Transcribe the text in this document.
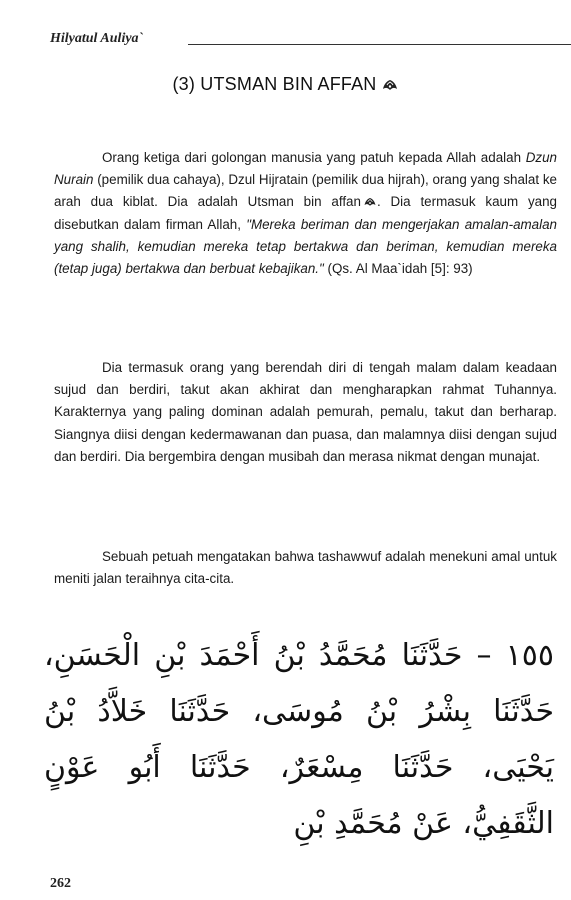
Hilyatul Auliya`
(3) UTSMAN BIN AFFAN

Orang ketiga dari golongan manusia yang patuh kepada Allah adalah Dzun Nurain (pemilik dua cahaya), Dzul Hijratain (pemilik dua hijrah), orang yang shalat ke arah dua kiblat. Dia adalah Utsman bin affan . Dia termasuk kaum yang disebutkan dalam firman Allah, "Mereka beriman dan mengerjakan amalan-amalan yang shalih, kemudian mereka tetap bertakwa dan beriman, kemudian mereka (tetap juga) bertakwa dan berbuat kebajikan." (Qs. Al Maa`idah [5]: 93)

Dia termasuk orang yang berendah diri di tengah malam dalam keadaan sujud dan berdiri, takut akan akhirat dan mengharapkan rahmat Tuhannya. Karakternya yang paling dominan adalah pemurah, pemalu, takut dan berharap. Siangnya diisi dengan kedermawanan dan puasa, dan malamnya diisi dengan sujud dan berdiri. Dia bergembira dengan musibah dan merasa nikmat dengan munajat.

Sebuah petuah mengatakan bahwa tashawwuf adalah menekuni amal untuk meniti jalan teraihnya cita-cita.

١٥٥ – حَدَّثَنَا مُحَمَّدُ بْنُ أَحْمَدَ بْنِ الْحَسَنِ، حَدَّثَنَا بِشْرُ بْنُ مُوسَى، حَدَّثَنَا خَلاَّدُ بْنُ يَحْيَى، حَدَّثَنَا مِسْعَرٌ، حَدَّثَنَا أَبُو عَوْنٍ الثَّقَفِيُّ، عَنْ مُحَمَّدِ بْنِ
262
